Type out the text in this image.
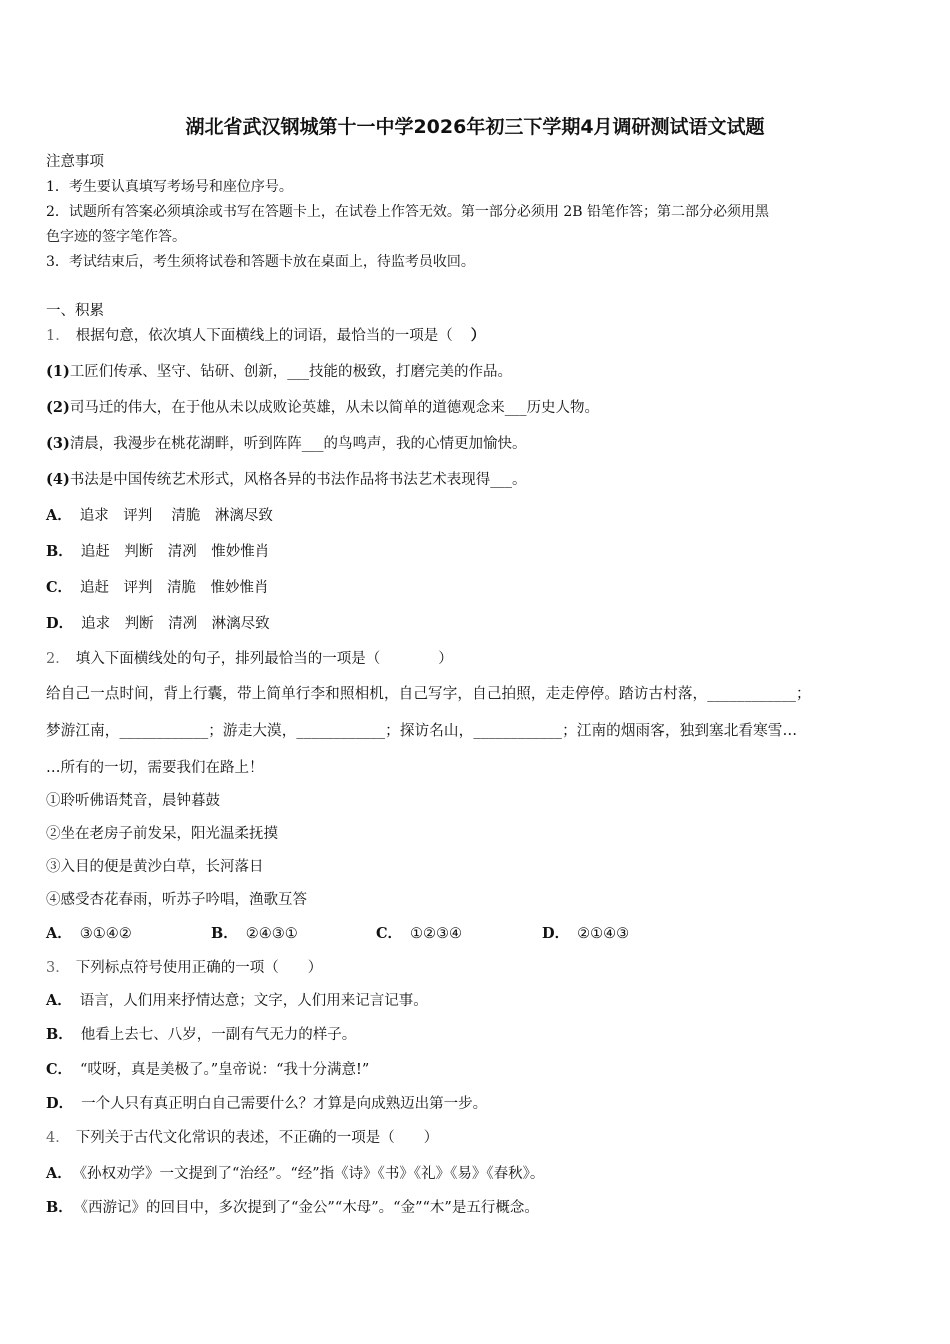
湖北省武汉钢城第十一中学2026年初三下学期4月调研测试语文试题
注意事项
1．考生要认真填写考场号和座位序号。
2．试题所有答案必须填涂或书写在答题卡上，在试卷上作答无效。第一部分必须用 2B 铅笔作答；第二部分必须用黑
色字迹的签字笔作答。
3．考试结束后，考生须将试卷和答题卡放在桌面上，待监考员收回。
一、积累
1． 根据句意，依次填人下面横线上的词语，最恰当的一项是（ ）
(1)工匠们传承、坚守、钻研、创新，___技能的极致，打磨完美的作品。
(2)司马迁的伟大，在于他从未以成败论英雄，从未以简单的道德观念来___历史人物。
(3)清晨，我漫步在桃花湖畔，听到阵阵___的鸟鸣声，我的心情更加愉快。
(4)书法是中国传统艺术形式，风格各异的书法作品将书法艺术表现得___。
A． 追求　评判　 清脆　淋漓尽致
B． 追赶　判断　清冽　惟妙惟肖
C． 追赶　评判　清脆　惟妙惟肖
D． 追求　判断　清冽　淋漓尽致
2． 填入下面横线处的句子，排列最恰当的一项是（　　　　）
给自己一点时间，背上行囊，带上简单行李和照相机，自己写字，自己拍照，走走停停。踏访古村落，____________；
梦游江南，____________；游走大漠，____________；探访名山，____________；江南的烟雨客，独到塞北看寒雪…
…所有的一切，需要我们在路上！
①聆听佛语梵音，晨钟暮鼓
②坐在老房子前发呆，阳光温柔抚摸
③入目的便是黄沙白草，长河落日
④感受杏花春雨，听苏子吟唱，渔歌互答
A． ③①④②	B． ②④③①	C． ①②③④	D． ②①④③
3． 下列标点符号使用正确的一项（　　）
A． 语言，人们用来抒情达意；文字，人们用来记言记事。
B． 他看上去七、八岁，一副有气无力的样子。
C． “哎呀，真是美极了。”皇帝说：“我十分满意!”
D． 一个人只有真正明白自己需要什么？才算是向成熟迈出第一步。
4． 下列关于古代文化常识的表述，不正确的一项是（　　）
A． 《孙权劝学》一文提到了“治经”。“经”指《诗》《书》《礼》《易》《春秋》。
B． 《西游记》的回目中，多次提到了“金公”“木母”。“金”“木”是五行概念。
